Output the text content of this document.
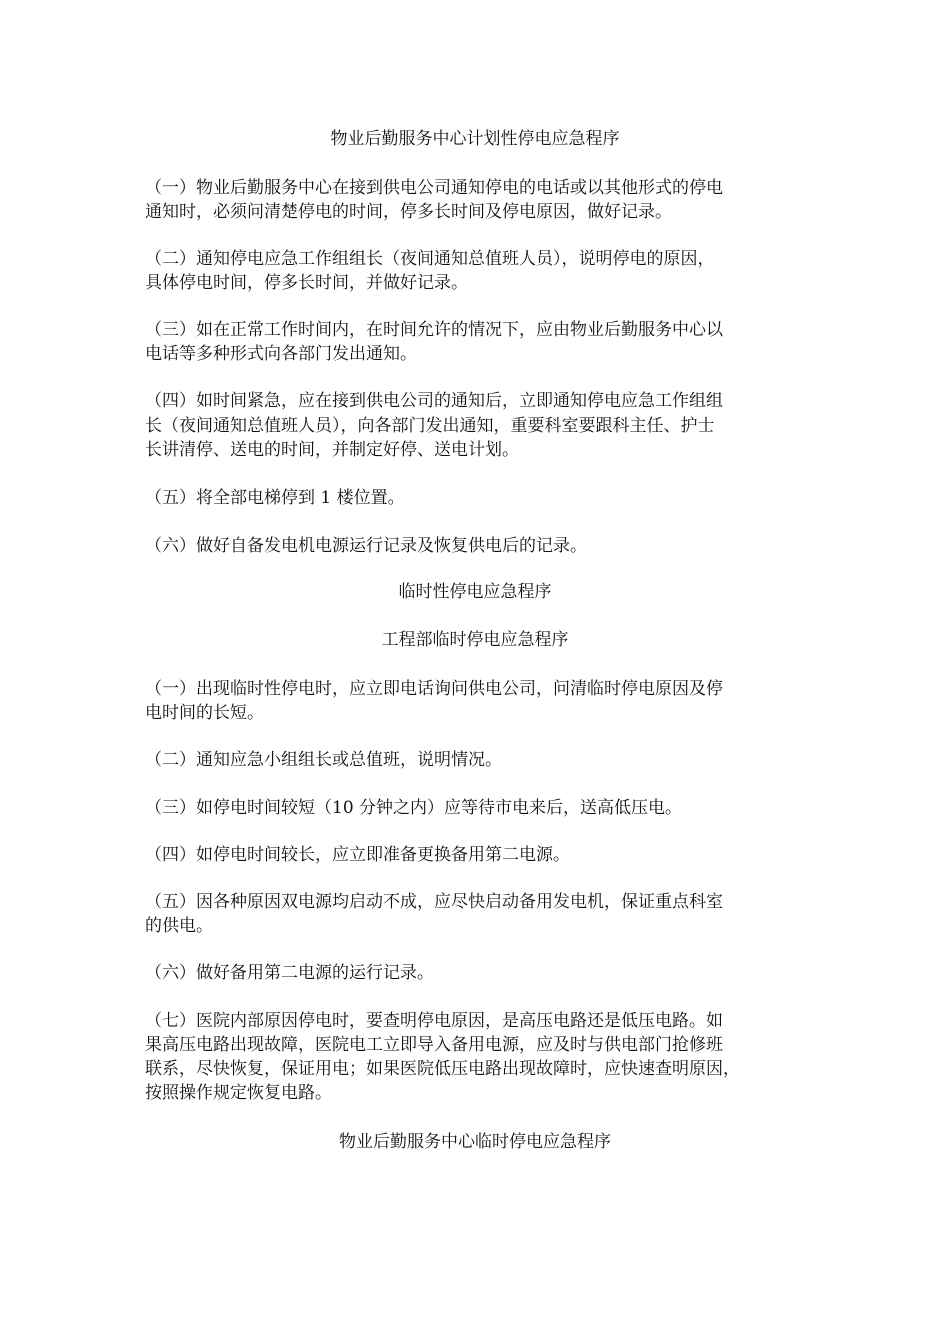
物业后勤服务中心计划性停电应急程序
（一）物业后勤服务中心在接到供电公司通知停电的电话或以其他形式的停电
通知时，必须问清楚停电的时间，停多长时间及停电原因，做好记录。
（二）通知停电应急工作组组长（夜间通知总值班人员），说明停电的原因，
具体停电时间，停多长时间，并做好记录。
（三）如在正常工作时间内，在时间允许的情况下，应由物业后勤服务中心以
电话等多种形式向各部门发出通知。
（四）如时间紧急，应在接到供电公司的通知后，立即通知停电应急工作组组
长（夜间通知总值班人员），向各部门发出通知，重要科室要跟科主任、护士
长讲清停、送电的时间，并制定好停、送电计划。
（五）将全部电梯停到 1 楼位置。
（六）做好自备发电机电源运行记录及恢复供电后的记录。
临时性停电应急程序
工程部临时停电应急程序
（一）出现临时性停电时，应立即电话询问供电公司，问清临时停电原因及停
电时间的长短。
（二）通知应急小组组长或总值班，说明情况。
（三）如停电时间较短（10 分钟之内）应等待市电来后，送高低压电。
（四）如停电时间较长，应立即准备更换备用第二电源。
（五）因各种原因双电源均启动不成，应尽快启动备用发电机，保证重点科室
的供电。
（六）做好备用第二电源的运行记录。
（七）医院内部原因停电时，要查明停电原因，是高压电路还是低压电路。如
果高压电路出现故障，医院电工立即导入备用电源，应及时与供电部门抢修班
联系，尽快恢复，保证用电；如果医院低压电路出现故障时，应快速查明原因，
按照操作规定恢复电路。
物业后勤服务中心临时停电应急程序
